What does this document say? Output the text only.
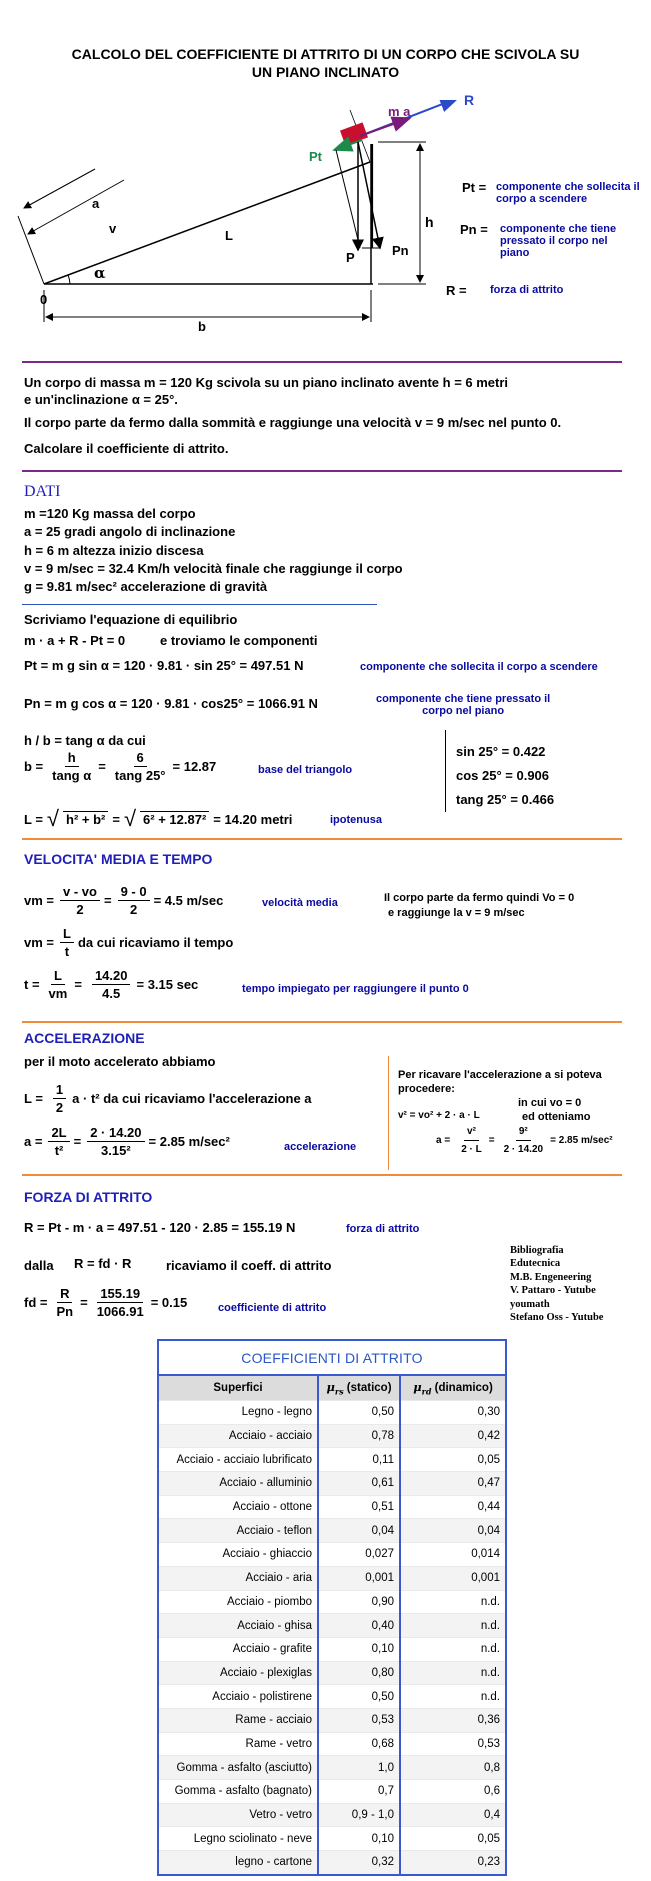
CALCOLO DEL COEFFICIENTE DI ATTRITO DI UN CORPO CHE SCIVOLA SU
UN PIANO INCLINATO
m a
R
Pt
a
v	L
h
P	Pn
α
0
b
Pt = componente che sollecita il
corpo a scendere
Pn =	componente che tiene
pressato il corpo nel
piano
R =	forza di attrito
Un corpo di massa m = 120 Kg scivola su un piano inclinato avente h = 6 metri
e un'inclinazione α = 25°.
Il corpo parte da fermo dalla sommità e raggiunge una velocità v = 9 m/sec nel punto 0.
Calcolare il coefficiente di attrito.
DATI
m =120 Kg massa del corpo
a = 25 gradi angolo di inclinazione
h = 6 m altezza inizio discesa
v = 9 m/sec = 32.4 Km/h velocità finale che raggiunge il corpo
g = 9.81 m/sec² accelerazione di gravità
Scriviamo l'equazione di equilibrio
m · a + R - Pt = 0	e troviamo le componenti
Pt = m g sin α = 120 · 9.81 · sin 25° = 497.51 N	componente che sollecita il corpo a scendere
Pn = m g cos α = 120 · 9.81 · cos25° = 1066.91 N	componente che tiene pressato il
corpo nel piano
h / b = tang α da cui
$b = \frac{h}{\text{tang α}} = \frac{6}{\tan g 25^\circ} = 12.87$	base del triangolo
L = √ h² + b² = √ 6² + 12.87² = 14.20 metri	ipotenusa
sin 25° = 0.422
cos 25° = 0.906
tang 25° = 0.466
VELOCITA' MEDIA E TEMPO
vm = $\frac{v - vo}{2} = \frac{9 - 0}{2} = 4.5$ m/sec	velocità media	Il corpo parte da fermo quindi Vo = 0
e raggiunge la v = 9 m/sec
vm = $\frac{L}{t}$ da cui ricaviamo il tempo
$t = \frac{L}{vm} = \frac{14.20}{4.5} = 3.15$ sec	tempo impiegato per raggiungere il punto 0
ACCELERAZIONE
per il moto accelerato abbiamo
$L = \frac{1}{2}$ a · t² da cui ricaviamo l'accelerazione a
$a = \frac{2L}{\text{t²}} = \frac{2 \cdot 14.20}{\text{3.15²}} = 2.85$ m/sec²	accelerazione
Per ricavare l'accelerazione a si poteva
procedere:
v² = vo² + 2 · a · L
in cui vo = 0
ed otteniamo
$a = \frac{\text{v²}}{2 \cdot L} = \frac{\text{9²}}{2 \cdot 14.20} = 2.85$ m/sec²
FORZA DI ATTRITO
R = Pt - m · a = 497.51 - 120 · 2.85 = 155.19 N	forza di attrito
dalla R = fd · R	ricaviamo il coeff. di attrito
fd = $\frac{R}{Pn} = \frac{155.19}{1066.91} = 0.15$	coefficiente di attrito
Bibliografia
Edutecnica
M.B. Engeneering
V. Pattaro - Yutube
youmath
Stefano Oss - Yutube
COEFFICIENTI DI ATTRITO
Superfici	$\mu_{rs}$ (statico)	$\mu_{rd}$ (dinamico)
Legno - legno	0,50	0,30
Acciaio - acciaio	0,78	0,42
Acciaio - acciaio lubrificato	0,11	0,05
Acciaio - alluminio	0,61	0,47
Acciaio - ottone	0,51	0,44
Acciaio - teflon	0,04	0,04
Acciaio - ghiaccio	0,027	0,014
Acciaio - aria	0,001	0,001
Acciaio - piombo	0,90	n.d.
Acciaio - ghisa	0,40	n.d.
Acciaio - grafite	0,10	n.d.
Acciaio - plexiglas	0,80	n.d.
Acciaio - polistirene	0,50	n.d.
Rame - acciaio	0,53	0,36
Rame - vetro	0,68	0,53
Gomma - asfalto (asciutto)	1,0	0,8
Gomma - asfalto (bagnato)	0,7	0,6
Vetro - vetro	0,9 - 1,0	0,4
Legno sciolinato - neve	0,10	0,05
legno - cartone	0,32	0,23
